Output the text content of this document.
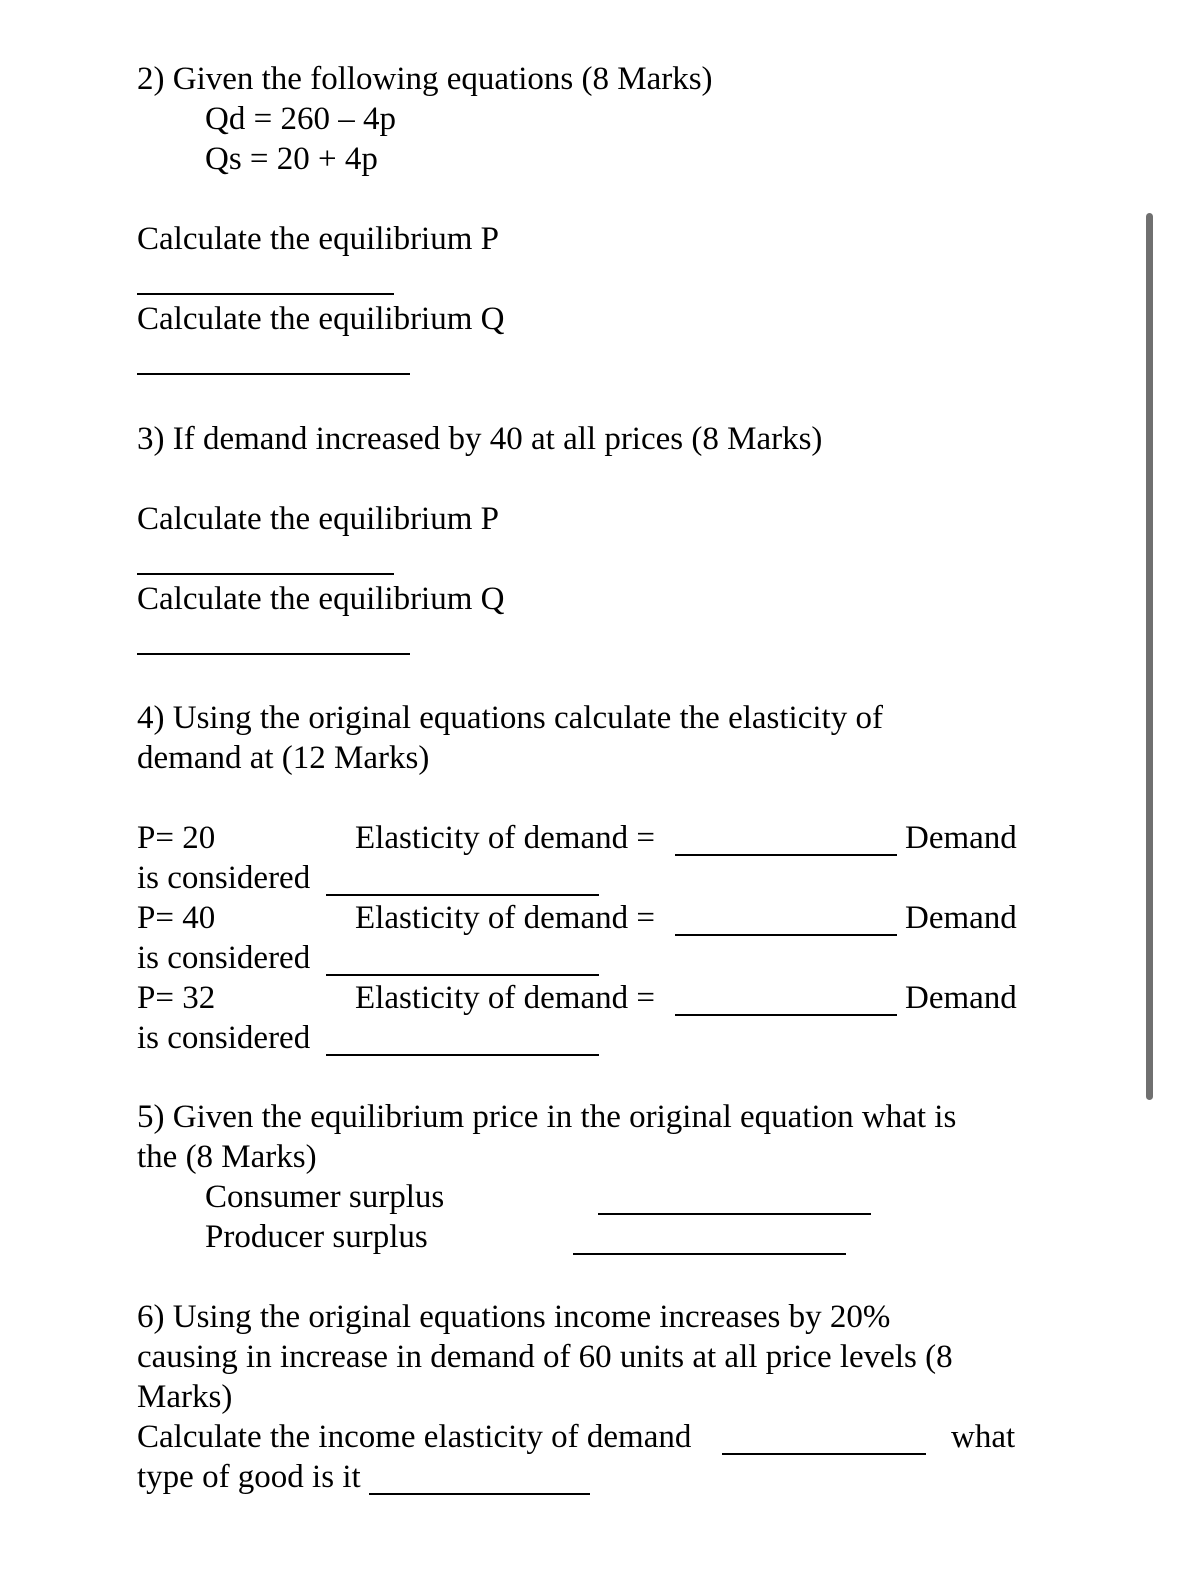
2) Given the following equations (8 Marks)
Qd = 260 – 4p
Qs = 20 + 4p
Calculate the equilibrium P
Calculate the equilibrium Q
3) If demand increased by 40 at all prices (8 Marks)
Calculate the equilibrium P
Calculate the equilibrium Q
4) Using the original equations calculate the elasticity of
demand at (12 Marks)
P= 20	Elasticity of demand =	Demand
is considered
P= 40	Elasticity of demand =	Demand
is considered
P= 32	Elasticity of demand =	Demand
is considered
5) Given the equilibrium price in the original equation what is
the (8 Marks)
Consumer surplus
Producer surplus
6) Using the original equations income increases by 20%
causing in increase in demand of 60 units at all price levels (8
Marks)
Calculate the income elasticity of demand	what
type of good is it
